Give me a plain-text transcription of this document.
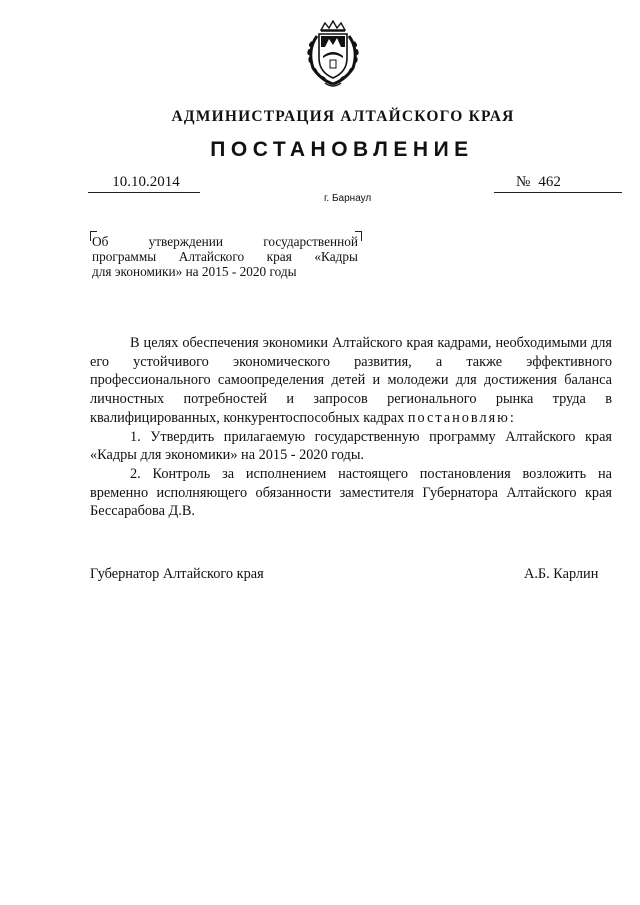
АДМИНИСТРАЦИЯ АЛТАЙСКОГО КРАЯ
ПОСТАНОВЛЕНИЕ
10.10.2014	№ 462
г. Барнаул
Об утверждении государственной
программы Алтайского края «Кадры
для экономики» на 2015 - 2020 годы

В целях обеспечения экономики Алтайского края кадрами, необходимыми для его устойчивого экономического развития, а также эффективного профессионального самоопределения детей и молодежи для достижения баланса личностных потребностей и запросов регионального рынка труда в квалифицированных, конкурентоспособных кадрах постановляю:

1. Утвердить прилагаемую государственную программу Алтайского края «Кадры для экономики» на 2015 - 2020 годы.

2. Контроль за исполнением настоящего постановления возложить на временно исполняющего обязанности заместителя Губернатора Алтайского края Бессарабова Д.В.

Губернатор Алтайского края	А.Б. Карлин
